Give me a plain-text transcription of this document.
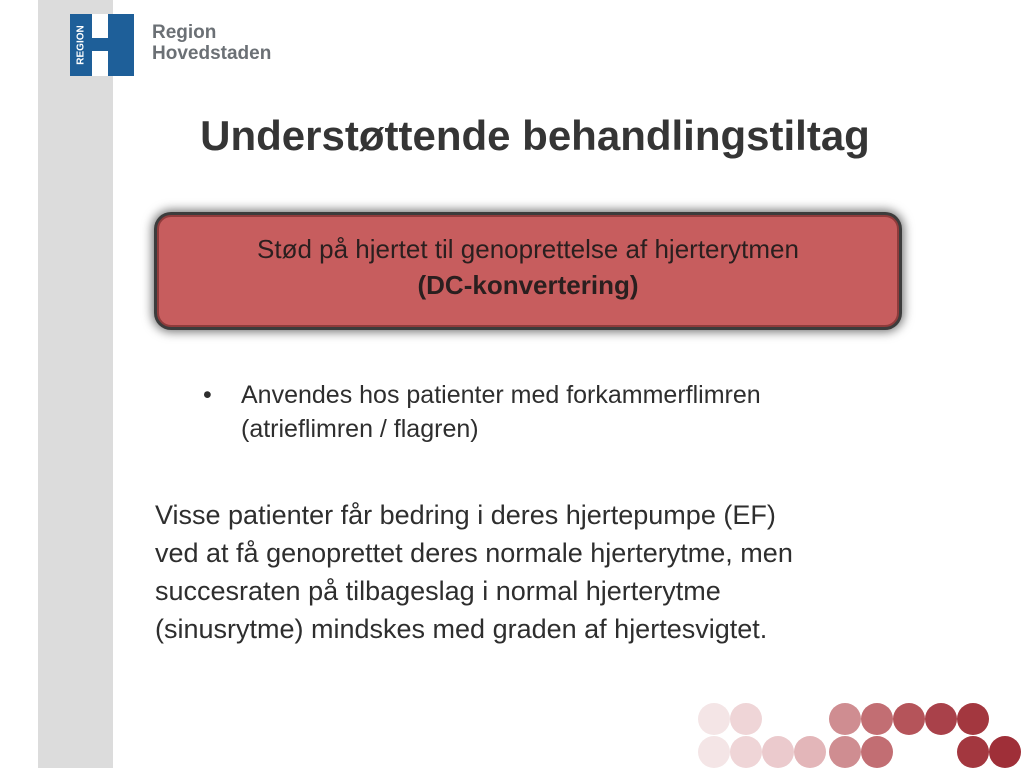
REGION	Region
Hovedstaden
Understøttende behandlingstiltag
Stød på hjertet til genoprettelse af hjerterytmen
(DC-konvertering)
• Anvendes hos patienter med forkammerflimren
(atrieflimren / flagren)
Visse patienter får bedring i deres hjertepumpe (EF)
ved at få genoprettet deres normale hjerterytme, men
succesraten på tilbageslag i normal hjerterytme
(sinusrytme) mindskes med graden af hjertesvigtet.
